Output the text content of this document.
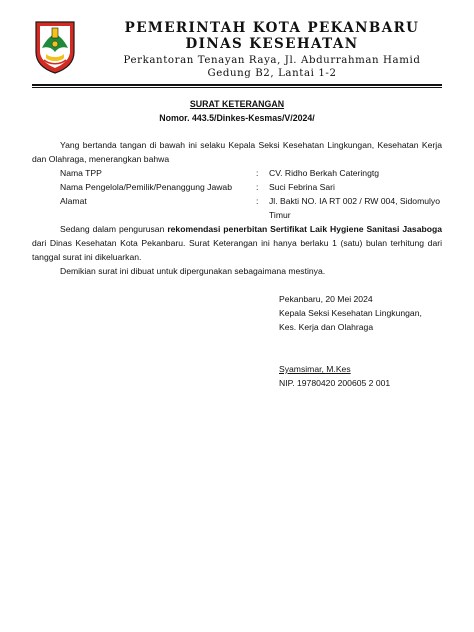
PEMERINTAH KOTA PEKANBARU
DINAS KESEHATAN
Perkantoran Tenayan Raya, Jl. Abdurrahman Hamid
Gedung B2, Lantai 1-2
SURAT KETERANGAN
Nomor. 443.5/Dinkes-Kesmas/V/2024/
Yang bertanda tangan di bawah ini selaku Kepala Seksi Kesehatan Lingkungan, Kesehatan Kerja dan Olahraga, menerangkan bahwa
Nama TPP	:	CV. Ridho Berkah Cateringtg
Nama Pengelola/Pemilik/Penanggung Jawab	:	Suci Febrina Sari
Alamat	:	Jl. Bakti NO. IA RT 002 / RW 004, Sidomulyo Timur
Sedang dalam pengurusan rekomendasi penerbitan Sertifikat Laik Hygiene Sanitasi Jasaboga dari Dinas Kesehatan Kota Pekanbaru. Surat Keterangan ini hanya berlaku 1 (satu) bulan terhitung dari tanggal surat ini dikeluarkan.
Demikian surat ini dibuat untuk dipergunakan sebagaimana mestinya.
Pekanbaru, 20 Mei 2024
Kepala Seksi Kesehatan Lingkungan,
Kes. Kerja dan Olahraga
Syamsimar, M.Kes
NIP. 19780420 200605 2 001
